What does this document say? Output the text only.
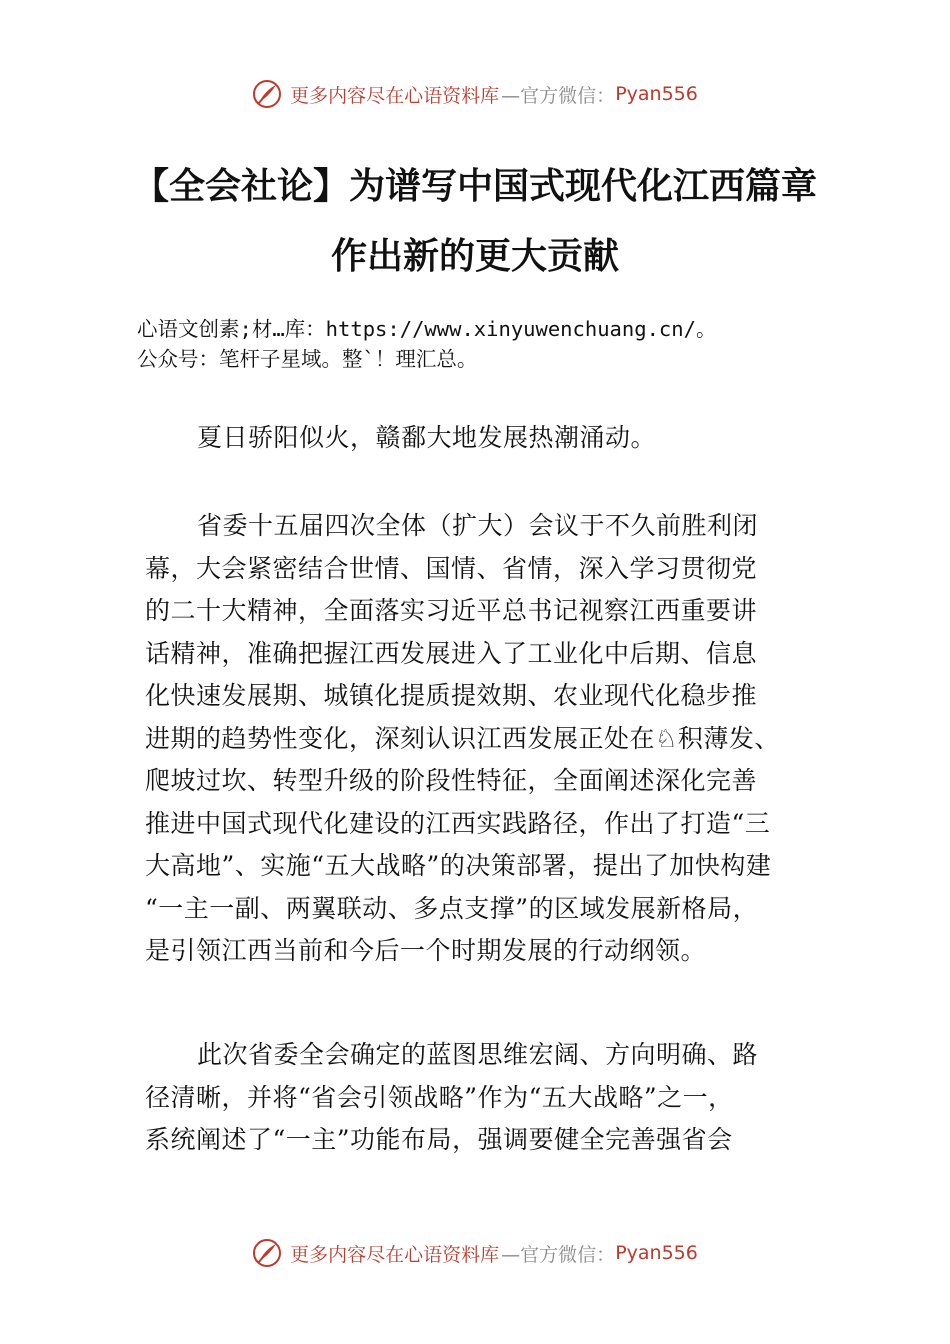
更多内容尽在心语资料库 —官方微信： Pyan556
【全会社论】为谱写中国式现代化江西篇章
作出新的更大贡献
心语文创素;材…库：https://www.xinyuwenchuang.cn/。
公众号：笔杆子星域。整`！理汇总。
夏日骄阳似火，赣鄱大地发展热潮涌动。
省委十五届四次全体（扩大）会议于不久前胜利闭
幕，大会紧密结合世情、国情、省情，深入学习贯彻党
的二十大精神，全面落实习近平总书记视察江西重要讲
话精神，准确把握江西发展进入了工业化中后期、信息
化快速发展期、城镇化提质提效期、农业现代化稳步推
进期的趋势性变化，深刻认识江西发展正处在♘积薄发、
爬坡过坎、转型升级的阶段性特征，全面阐述深化完善
推进中国式现代化建设的江西实践路径，作出了打造“三
大高地”、实施“五大战略”的决策部署，提出了加快构建
“一主一副、两翼联动、多点支撑”的区域发展新格局，
是引领江西当前和今后一个时期发展的行动纲领。
此次省委全会确定的蓝图思维宏阔、方向明确、路
径清晰，并将“省会引领战略”作为“五大战略”之一，
系统阐述了“一主”功能布局，强调要健全完善强省会
更多内容尽在心语资料库 —官方微信： Pyan556
